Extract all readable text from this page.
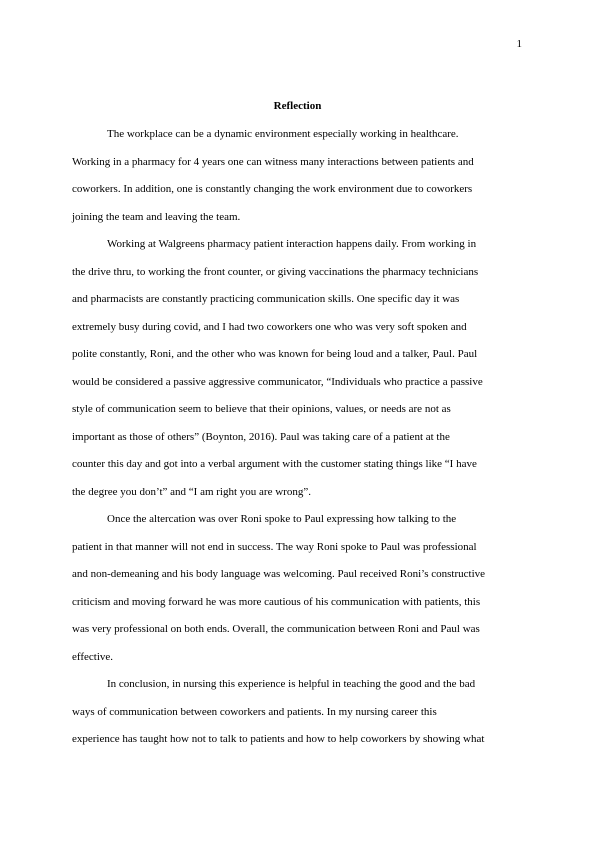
1
Reflection
The workplace can be a dynamic environment especially working in healthcare.
Working in a pharmacy for 4 years one can witness many interactions between patients and
coworkers. In addition, one is constantly changing the work environment due to coworkers
joining the team and leaving the team.
Working at Walgreens pharmacy patient interaction happens daily. From working in
the drive thru, to working the front counter, or giving vaccinations the pharmacy technicians
and pharmacists are constantly practicing communication skills. One specific day it was
extremely busy during covid, and I had two coworkers one who was very soft spoken and
polite constantly, Roni, and the other who was known for being loud and a talker, Paul. Paul
would be considered a passive aggressive communicator, “Individuals who practice a passive
style of communication seem to believe that their opinions, values, or needs are not as
important as those of others” (Boynton, 2016). Paul was taking care of a patient at the
counter this day and got into a verbal argument with the customer stating things like “I have
the degree you don’t” and “I am right you are wrong”.
Once the altercation was over Roni spoke to Paul expressing how talking to the
patient in that manner will not end in success. The way Roni spoke to Paul was professional
and non-demeaning and his body language was welcoming. Paul received Roni’s constructive
criticism and moving forward he was more cautious of his communication with patients, this
was very professional on both ends. Overall, the communication between Roni and Paul was
effective.
In conclusion, in nursing this experience is helpful in teaching the good and the bad
ways of communication between coworkers and patients. In my nursing career this
experience has taught how not to talk to patients and how to help coworkers by showing what
